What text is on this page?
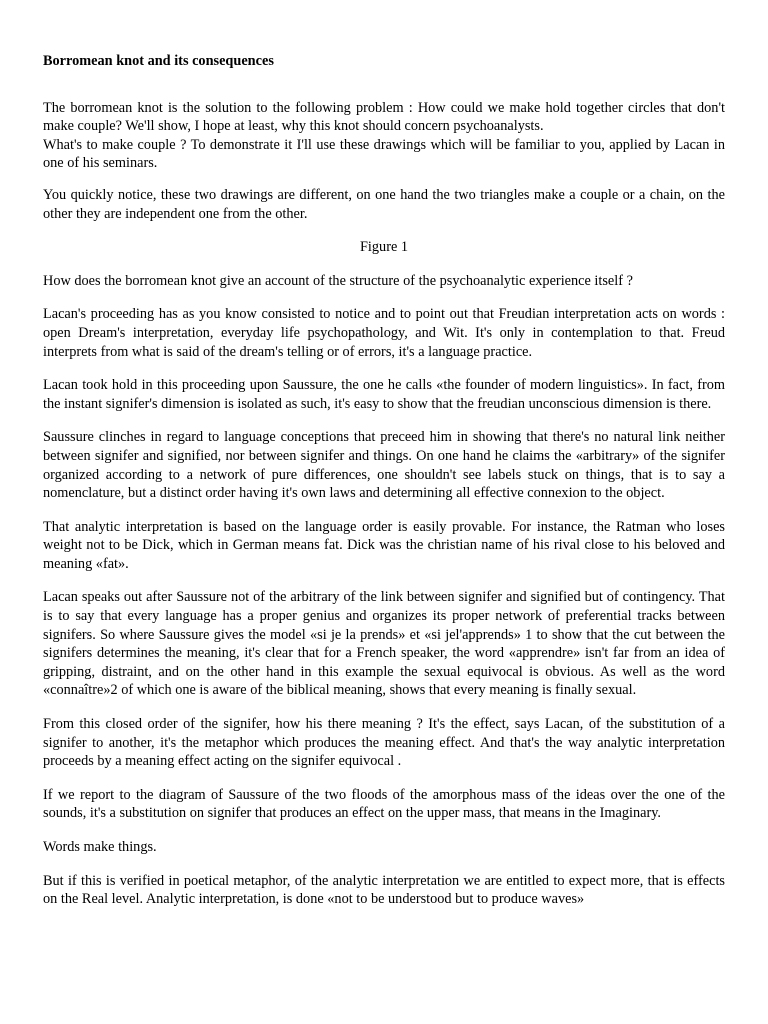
Borromean knot and its consequences
The borromean knot is the solution to the following problem : How could we make hold together circles that don't make couple? We'll show, I hope at least, why this knot should concern psychoanalysts.
What's to make couple ? To demonstrate it I'll use these drawings which will be familiar to you, applied by Lacan in one of his seminars.
You quickly notice, these two drawings are different, on one hand the two triangles make a couple or a chain, on the other they are independent one from the other.
Figure 1
How does the borromean knot give an account of the structure of the psychoanalytic experience itself ?
Lacan's proceeding has as you know consisted to notice and to point out that Freudian interpretation acts on words : open Dream's interpretation, everyday life psychopathology, and Wit. It's only in contemplation to that. Freud interprets from what is said of the dream's telling or of errors, it's a language practice.
Lacan took hold in this proceeding upon Saussure, the one he calls «the founder of modern linguistics». In fact, from the instant signifer's dimension is isolated as such, it's easy to show that the freudian unconscious dimension is there.
Saussure clinches in regard to language conceptions that preceed him in showing that there's no natural link neither between signifer and signified, nor between signifer and things. On one hand he claims the «arbitrary» of the signifer organized according to a network of pure differences, one shouldn't see labels stuck on things, that is to say a nomenclature, but a distinct order having it's own laws and determining all effective connexion to the object.
That analytic interpretation is based on the language order is easily provable. For instance, the Ratman who loses weight not to be Dick, which in German means fat. Dick was the christian name of his rival close to his beloved and meaning «fat».
Lacan speaks out after Saussure not of the arbitrary of the link between signifer and signified but of contingency. That is to say that every language has a proper genius and organizes its proper network of preferential tracks between signifers. So where Saussure gives the model «si je la prends» et «si jel'apprends» 1 to show that the cut between the signifers determines the meaning, it's clear that for a French speaker, the word «apprendre» isn't far from an idea of gripping, distraint, and on the other hand in this example the sexual equivocal is obvious. As well as the word «connaître»2 of which one is aware of the biblical meaning, shows that every meaning is finally sexual.
From this closed order of the signifer, how his there meaning ? It's the effect, says Lacan, of the substitution of a signifer to another, it's the metaphor which produces the meaning effect. And that's the way analytic interpretation proceeds by a meaning effect acting on the signifer equivocal .
If we report to the diagram of Saussure of the two floods of the amorphous mass of the ideas over the one of the sounds, it's a substitution on signifer that produces an effect on the upper mass, that means in the Imaginary.
Words make things.
But if this is verified in poetical metaphor, of the analytic interpretation we are entitled to expect more, that is effects on the Real level. Analytic interpretation, is done «not to be understood but to produce waves»
